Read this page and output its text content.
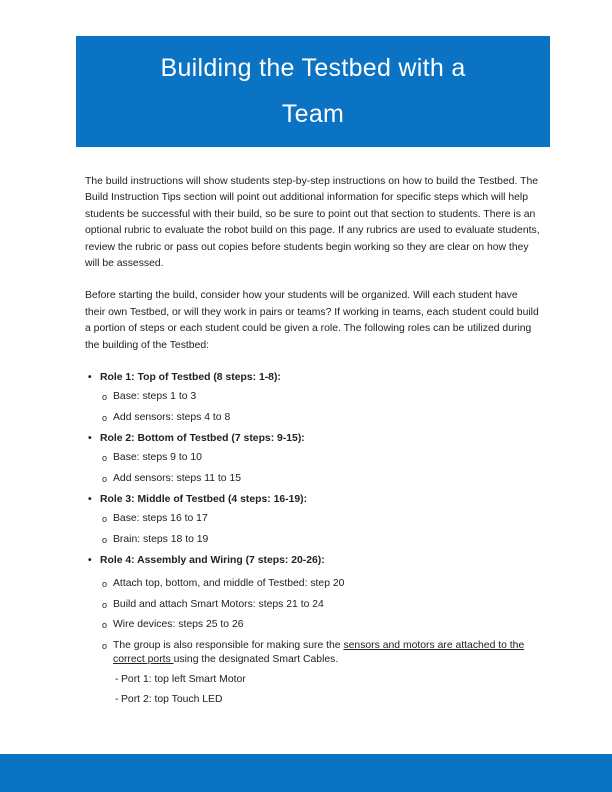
Building the Testbed with a
Team

The build instructions will show students step-by-step instructions on how to build the Testbed. The Build Instruction Tips section will point out additional information for specific steps which will help students be successful with their build, so be sure to point out that section to students. There is an optional rubric to evaluate the robot build on this page. If any rubrics are used to evaluate students, review the rubric or pass out copies before students begin working so they are clear on how they will be assessed.

Before starting the build, consider how your students will be organized. Will each student have their own Testbed, or will they work in pairs or teams? If working in teams, each student could build a portion of steps or each student could be given a role. The following roles can be utilized during the building of the Testbed:

• Role 1: Top of Testbed (8 steps: 1-8):
o Base: steps 1 to 3
o Add sensors: steps 4 to 8
• Role 2: Bottom of Testbed (7 steps: 9-15):
o Base: steps 9 to 10
o Add sensors: steps 11 to 15
• Role 3: Middle of Testbed (4 steps: 16-19):
o Base: steps 16 to 17
o Brain: steps 18 to 19
• Role 4: Assembly and Wiring (7 steps: 20-26):
o Attach top, bottom, and middle of Testbed: step 20
o Build and attach Smart Motors: steps 21 to 24
o Wire devices: steps 25 to 26
o The group is also responsible for making sure the sensors and motors are attached to the correct ports using the designated Smart Cables.
- Port 1: top left Smart Motor
- Port 2: top Touch LED
